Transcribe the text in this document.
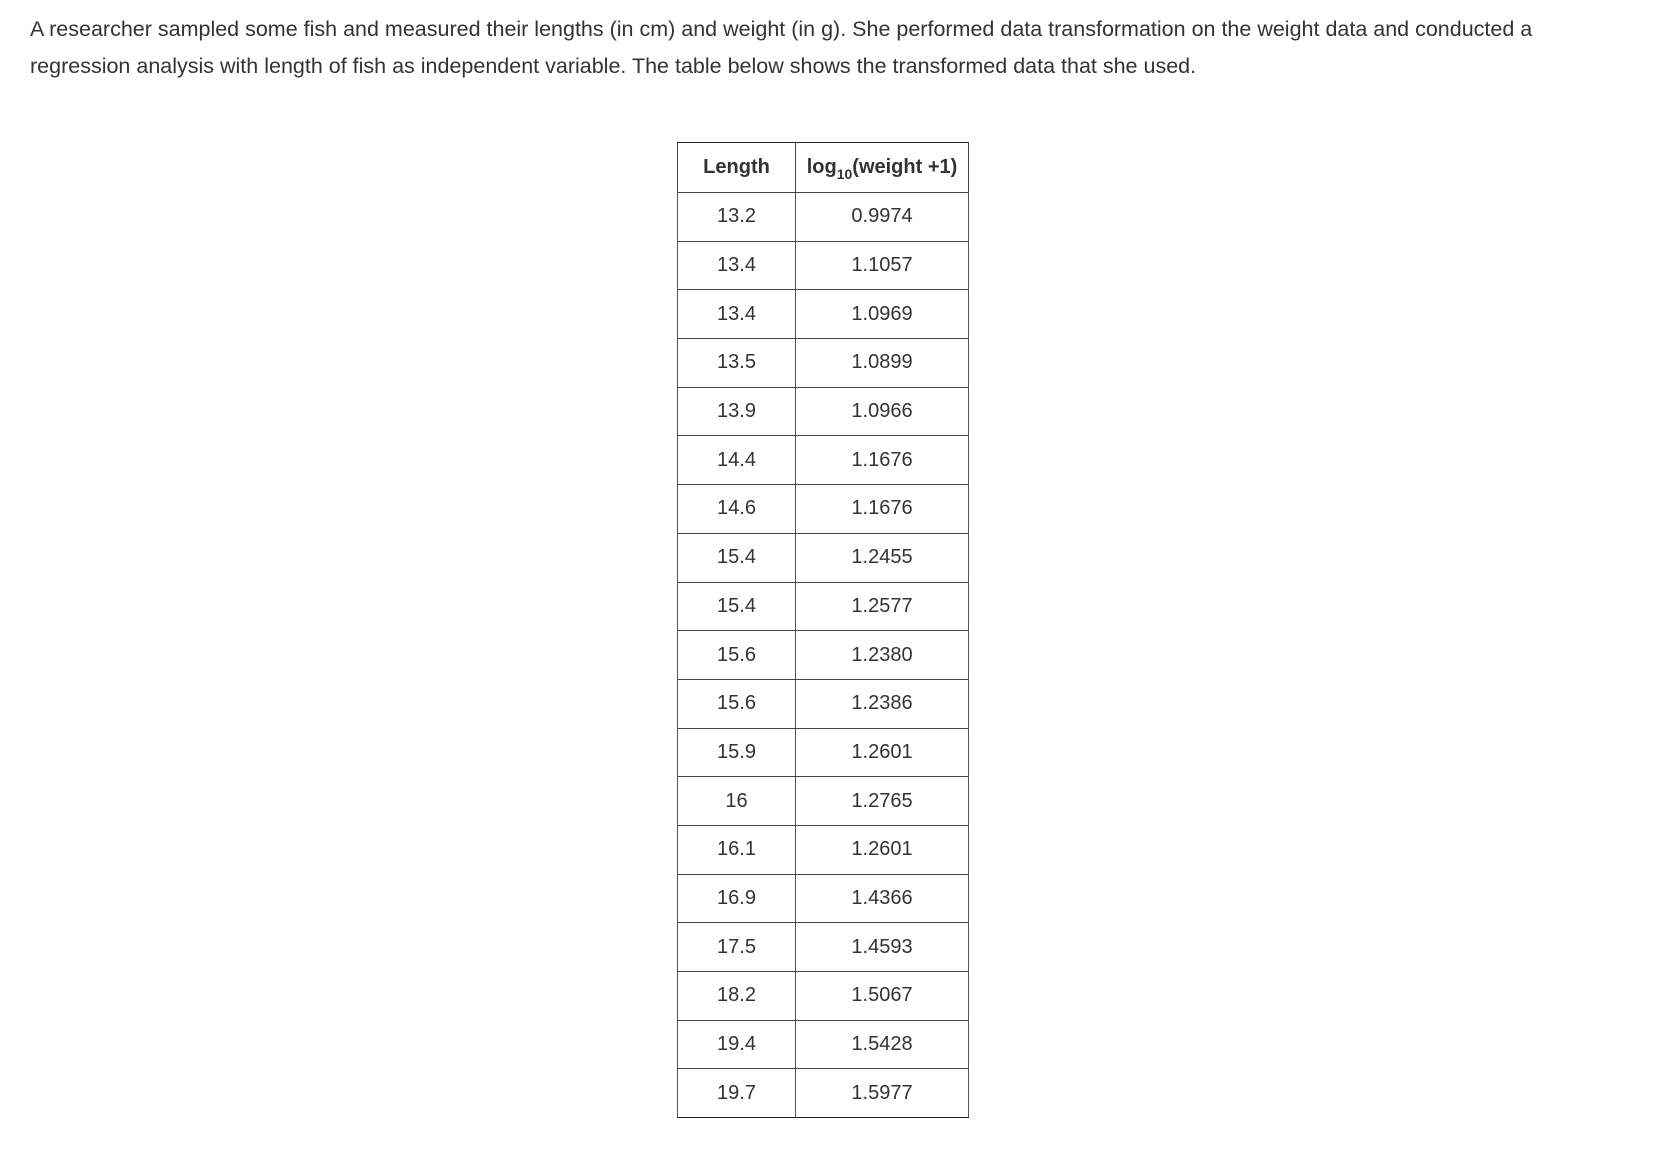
A researcher sampled some fish and measured their lengths (in cm) and weight (in g). She performed data transformation on the weight data and conducted a regression analysis with length of fish as independent variable. The table below shows the transformed data that she used.

Length	$\log_{10}(weight +1)$
13.2	0.9974
13.4	1.1057
13.4	1.0969
13.5	1.0899
13.9	1.0966
14.4	1.1676
14.6	1.1676
15.4	1.2455
15.4	1.2577
15.6	1.2380
15.6	1.2386
15.9	1.2601
16	1.2765
16.1	1.2601
16.9	1.4366
17.5	1.4593
18.2	1.5067
19.4	1.5428
19.7	1.5977
